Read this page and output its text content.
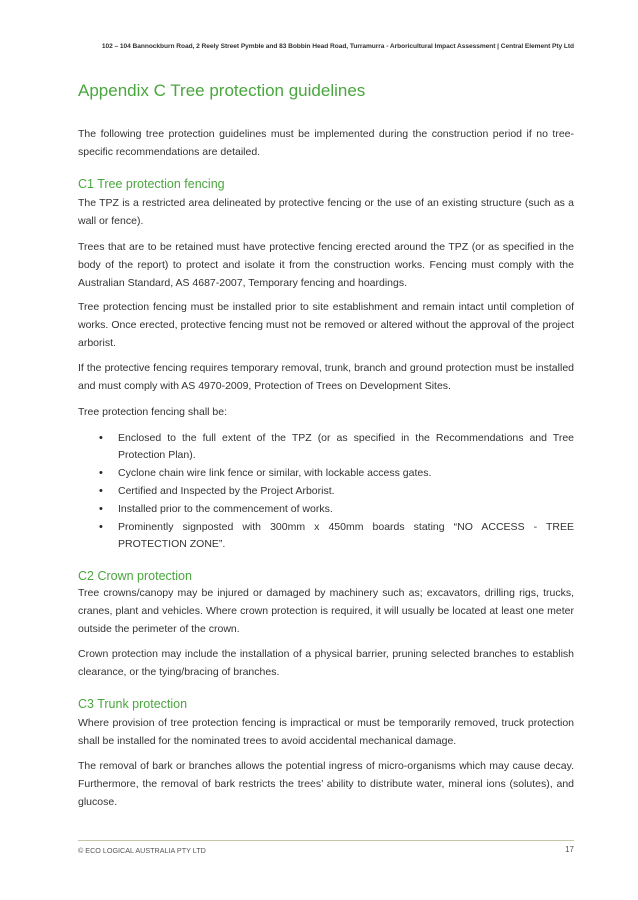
102 – 104 Bannockburn Road, 2 Reely Street Pymble and 83 Bobbin Head Road, Turramurra - Arboricultural Impact Assessment | Central Element Pty Ltd
Appendix C Tree protection guidelines

The following tree protection guidelines must be implemented during the construction period if no tree-specific recommendations are detailed.

C1 Tree protection fencing

The TPZ is a restricted area delineated by protective fencing or the use of an existing structure (such as a wall or fence).

Trees that are to be retained must have protective fencing erected around the TPZ (or as specified in the body of the report) to protect and isolate it from the construction works. Fencing must comply with the Australian Standard, AS 4687-2007, Temporary fencing and hoardings.

Tree protection fencing must be installed prior to site establishment and remain intact until completion of works. Once erected, protective fencing must not be removed or altered without the approval of the project arborist.

If the protective fencing requires temporary removal, trunk, branch and ground protection must be installed and must comply with AS 4970-2009, Protection of Trees on Development Sites.

Tree protection fencing shall be:

• Enclosed to the full extent of the TPZ (or as specified in the Recommendations and Tree Protection Plan).
• Cyclone chain wire link fence or similar, with lockable access gates.
• Certified and Inspected by the Project Arborist.
• Installed prior to the commencement of works.
• Prominently signposted with 300mm x 450mm boards stating “NO ACCESS - TREE PROTECTION ZONE”.
C2 Crown protection

Tree crowns/canopy may be injured or damaged by machinery such as; excavators, drilling rigs, trucks, cranes, plant and vehicles. Where crown protection is required, it will usually be located at least one meter outside the perimeter of the crown.

Crown protection may include the installation of a physical barrier, pruning selected branches to establish clearance, or the tying/bracing of branches.

C3 Trunk protection

Where provision of tree protection fencing is impractical or must be temporarily removed, truck protection shall be installed for the nominated trees to avoid accidental mechanical damage.

The removal of bark or branches allows the potential ingress of micro-organisms which may cause decay. Furthermore, the removal of bark restricts the trees’ ability to distribute water, mineral ions (solutes), and glucose.

© ECO LOGICAL AUSTRALIA PTY LTD	17
